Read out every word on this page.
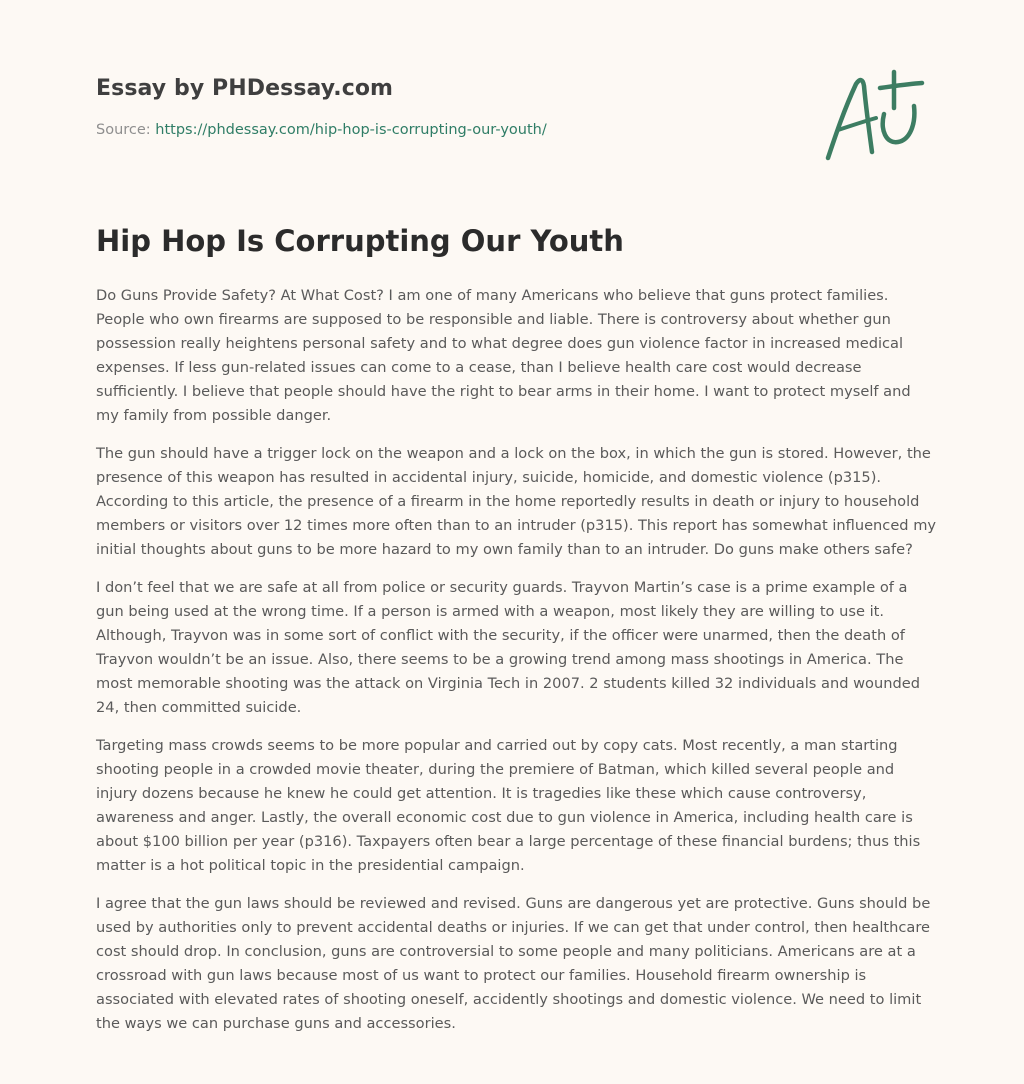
Essay by PHDessay.com
Source: https://phdessay.com/hip-hop-is-corrupting-our-youth/
Hip Hop Is Corrupting Our Youth

Do Guns Provide Safety? At What Cost? I am one of many Americans who believe that guns protect families. People who own firearms are supposed to be responsible and liable. There is controversy about whether gun possession really heightens personal safety and to what degree does gun violence factor in increased medical expenses. If less gun-related issues can come to a cease, than I believe health care cost would decrease sufficiently. I believe that people should have the right to bear arms in their home. I want to protect myself and my family from possible danger.

The gun should have a trigger lock on the weapon and a lock on the box, in which the gun is stored. However, the presence of this weapon has resulted in accidental injury, suicide, homicide, and domestic violence (p315). According to this article, the presence of a firearm in the home reportedly results in death or injury to household members or visitors over 12 times more often than to an intruder (p315). This report has somewhat influenced my initial thoughts about guns to be more hazard to my own family than to an intruder. Do guns make others safe?

I don’t feel that we are safe at all from police or security guards. Trayvon Martin’s case is a prime example of a gun being used at the wrong time. If a person is armed with a weapon, most likely they are willing to use it. Although, Trayvon was in some sort of conflict with the security, if the officer were unarmed, then the death of Trayvon wouldn’t be an issue. Also, there seems to be a growing trend among mass shootings in America. The most memorable shooting was the attack on Virginia Tech in 2007. 2 students killed 32 individuals and wounded 24, then committed suicide.

Targeting mass crowds seems to be more popular and carried out by copy cats. Most recently, a man starting shooting people in a crowded movie theater, during the premiere of Batman, which killed several people and injury dozens because he knew he could get attention. It is tragedies like these which cause controversy, awareness and anger. Lastly, the overall economic cost due to gun violence in America, including health care is about $100 billion per year (p316). Taxpayers often bear a large percentage of these financial burdens; thus this matter is a hot political topic in the presidential campaign.

I agree that the gun laws should be reviewed and revised. Guns are dangerous yet are protective. Guns should be used by authorities only to prevent accidental deaths or injuries. If we can get that under control, then healthcare cost should drop. In conclusion, guns are controversial to some people and many politicians. Americans are at a crossroad with gun laws because most of us want to protect our families. Household firearm ownership is associated with elevated rates of shooting oneself, accidently shootings and domestic violence. We need to limit the ways we can purchase guns and accessories.
